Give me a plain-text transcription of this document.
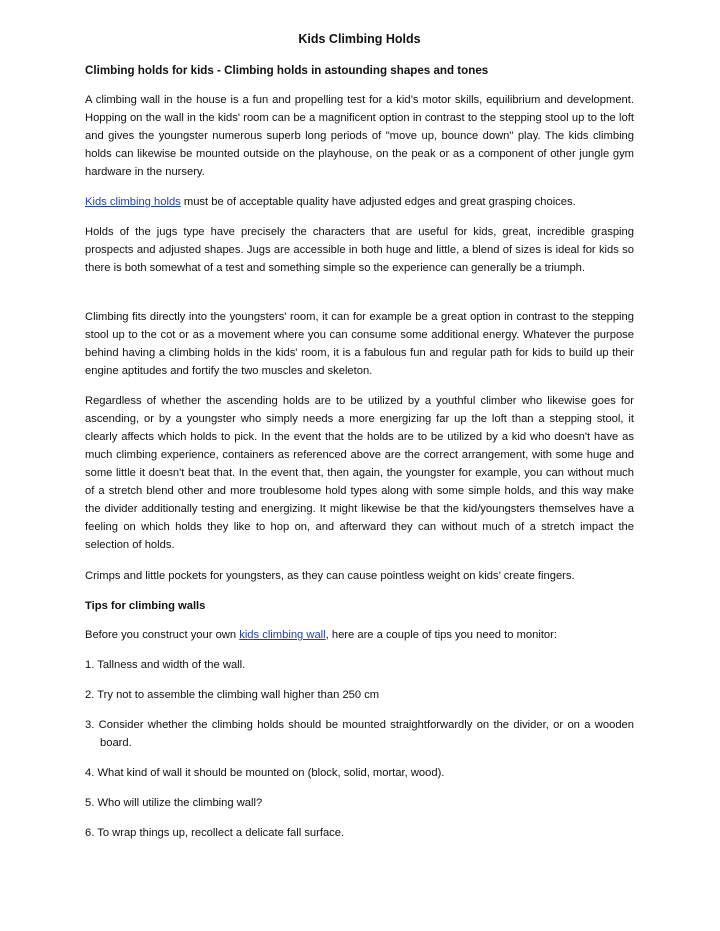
Kids Climbing Holds
Climbing holds for kids - Climbing holds in astounding shapes and tones

A climbing wall in the house is a fun and propelling test for a kid’s motor skills, equilibrium and development. Hopping on the wall in the kids' room can be a magnificent option in contrast to the stepping stool up to the loft and gives the youngster numerous superb long periods of "move up, bounce down" play. The kids climbing holds can likewise be mounted outside on the playhouse, on the peak or as a component of other jungle gym hardware in the nursery.

Kids climbing holds must be of acceptable quality have adjusted edges and great grasping choices.

Holds of the jugs type have precisely the characters that are useful for kids, great, incredible grasping prospects and adjusted shapes. Jugs are accessible in both huge and little, a blend of sizes is ideal for kids so there is both somewhat of a test and something simple so the experience can generally be a triumph.

Climbing fits directly into the youngsters' room, it can for example be a great option in contrast to the stepping stool up to the cot or as a movement where you can consume some additional energy. Whatever the purpose behind having a climbing holds in the kids' room, it is a fabulous fun and regular path for kids to build up their engine aptitudes and fortify the two muscles and skeleton.

Regardless of whether the ascending holds are to be utilized by a youthful climber who likewise goes for ascending, or by a youngster who simply needs a more energizing far up the loft than a stepping stool, it clearly affects which holds to pick. In the event that the holds are to be utilized by a kid who doesn't have as much climbing experience, containers as referenced above are the correct arrangement, with some huge and some little it doesn't beat that. In the event that, then again, the youngster for example, you can without much of a stretch blend other and more troublesome hold types along with some simple holds, and this way make the divider additionally testing and energizing. It might likewise be that the kid/youngsters themselves have a feeling on which holds they like to hop on, and afterward they can without much of a stretch impact the selection of holds.

Crimps and little pockets for youngsters, as they can cause pointless weight on kids’ create fingers.

Tips for climbing walls

Before you construct your own kids climbing wall, here are a couple of tips you need to monitor:

1. Tallness and width of the wall.

2. Try not to assemble the climbing wall higher than 250 cm

3. Consider whether the climbing holds should be mounted straightforwardly on the divider, or on a wooden board.

4. What kind of wall it should be mounted on (block, solid, mortar, wood).

5. Who will utilize the climbing wall?

6. To wrap things up, recollect a delicate fall surface.
